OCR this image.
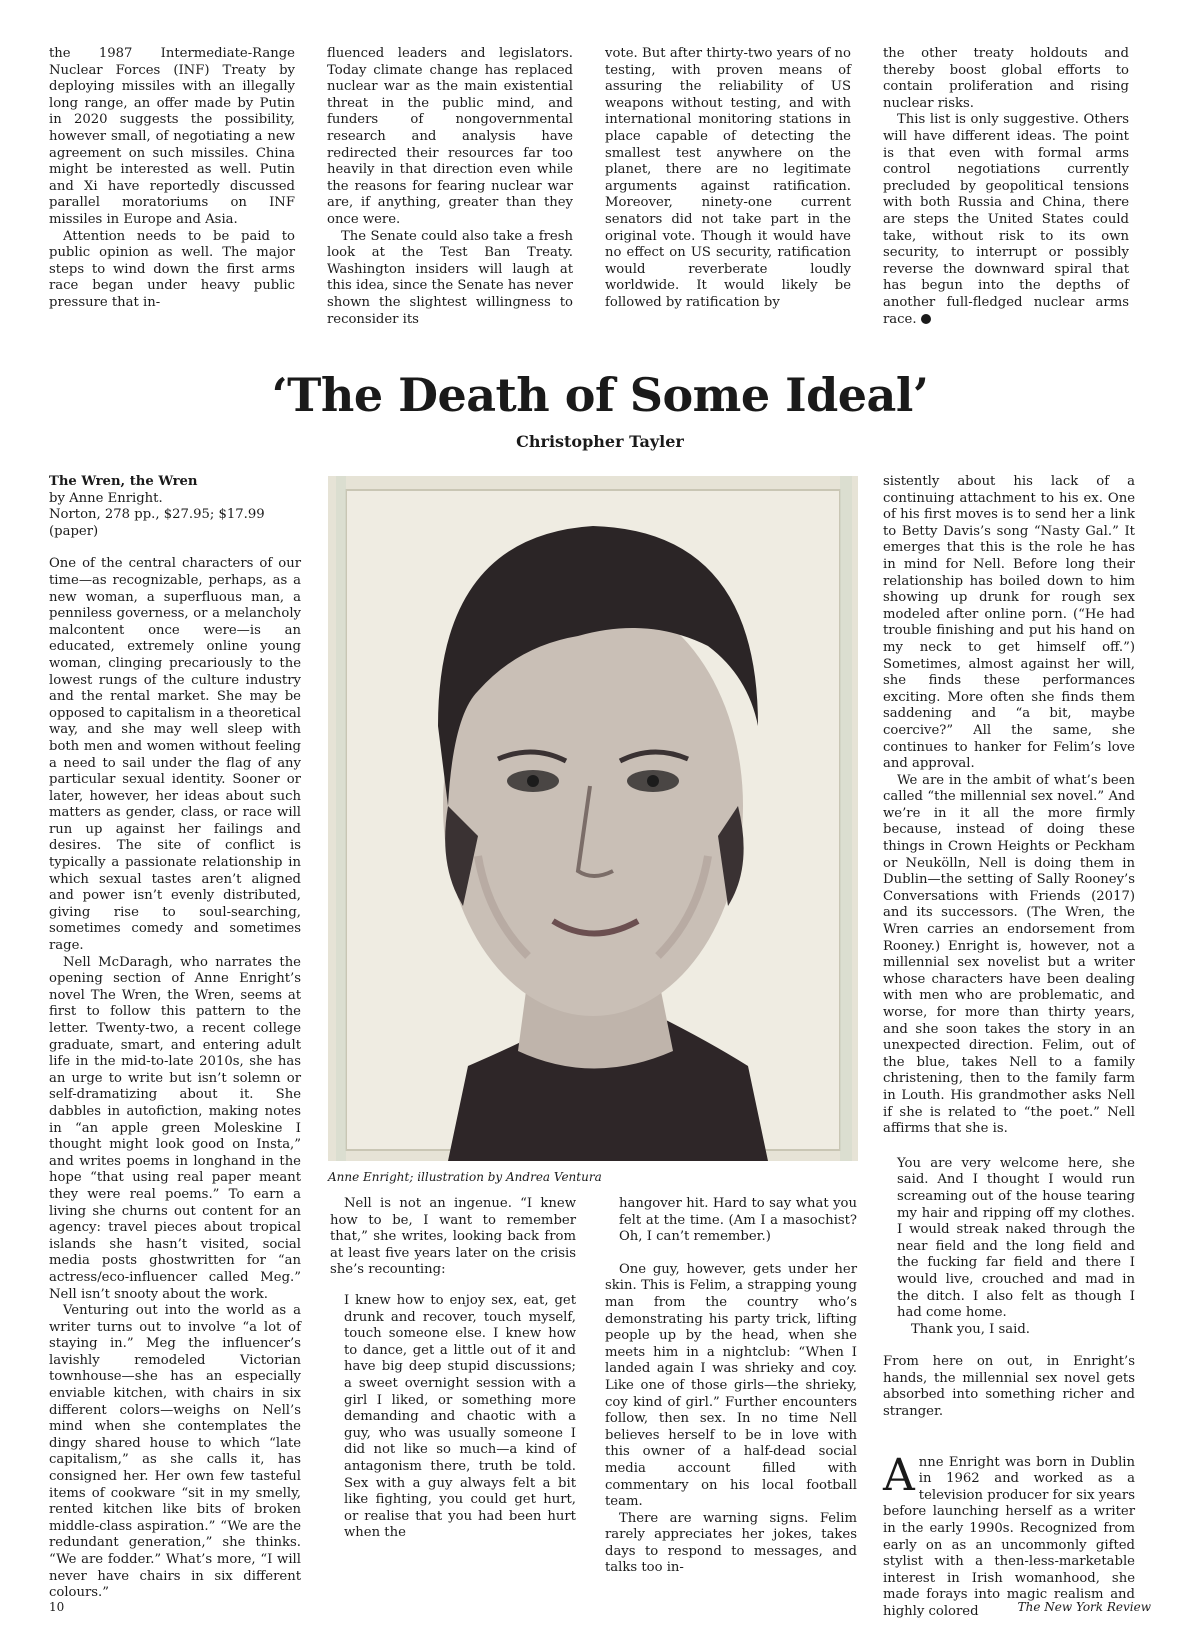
the 1987 Intermediate-Range Nuclear Forces (INF) Treaty by deploying missiles with an illegally long range, an offer made by Putin in 2020 suggests the possibility, however small, of negotiating a new agreement on such missiles. China might be interested as well. Putin and Xi have reportedly discussed parallel moratoriums on INF missiles in Europe and Asia.

Attention needs to be paid to public opinion as well. The major steps to wind down the first arms race began under heavy public pressure that in-

fluenced leaders and legislators. Today climate change has replaced nuclear war as the main existential threat in the public mind, and funders of nongovernmental research and analysis have redirected their resources far too heavily in that direction even while the reasons for fearing nuclear war are, if anything, greater than they once were.

The Senate could also take a fresh look at the Test Ban Treaty. Washington insiders will laugh at this idea, since the Senate has never shown the slightest willingness to reconsider its

vote. But after thirty-two years of no testing, with proven means of assuring the reliability of US weapons without testing, and with international monitoring stations in place capable of detecting the smallest test anywhere on the planet, there are no legitimate arguments against ratification. Moreover, ninety-one current senators did not take part in the original vote. Though it would have no effect on US security, ratification would reverberate loudly worldwide. It would likely be followed by ratification by

the other treaty holdouts and thereby boost global efforts to contain proliferation and rising nuclear risks.

This list is only suggestive. Others will have different ideas. The point is that even with formal arms control negotiations currently precluded by geopolitical tensions with both Russia and China, there are steps the United States could take, without risk to its own security, to interrupt or possibly reverse the downward spiral that has begun into the depths of another full-fledged nuclear arms race.

‘The Death of Some Ideal’
Christopher Tayler
The Wren, the Wren
by Anne Enright.
Norton, 278 pp., $27.95; $17.99 (paper)

One of the central characters of our time—as recognizable, perhaps, as a new woman, a superfluous man, a penniless governess, or a melancholy malcontent once were—is an educated, extremely online young woman, clinging precariously to the lowest rungs of the culture industry and the rental market. She may be opposed to capitalism in a theoretical way, and she may well sleep with both men and women without feeling a need to sail under the flag of any particular sexual identity. Sooner or later, however, her ideas about such matters as gender, class, or race will run up against her failings and desires. The site of conflict is typically a passionate relationship in which sexual tastes aren’t aligned and power isn’t evenly distributed, giving rise to soul-searching, sometimes comedy and sometimes rage.

Nell McDaragh, who narrates the opening section of Anne Enright’s novel The Wren, the Wren, seems at first to follow this pattern to the letter. Twenty-two, a recent college graduate, smart, and entering adult life in the mid-to-late 2010s, she has an urge to write but isn’t solemn or self-dramatizing about it. She dabbles in autofiction, making notes in “an apple green Moleskine I thought might look good on Insta,” and writes poems in longhand in the hope “that using real paper meant they were real poems.” To earn a living she churns out content for an agency: travel pieces about tropical islands she hasn’t visited, social media posts ghostwritten for “an actress/eco-influencer called Meg.” Nell isn’t snooty about the work.

Venturing out into the world as a writer turns out to involve “a lot of staying in.” Meg the influencer’s lavishly remodeled Victorian townhouse—she has an especially enviable kitchen, with chairs in six different colors—weighs on Nell’s mind when she contemplates the dingy shared house to which “late capitalism,” as she calls it, has consigned her. Her own few tasteful items of cookware “sit in my smelly, rented kitchen like bits of broken middle-class aspiration.” “We are the redundant generation,” she thinks. “We are fodder.” What’s more, “I will never have chairs in six different colours.”

Anne Enright; illustration by Andrea Ventura

Nell is not an ingenue. “I knew how to be, I want to remember that,” she writes, looking back from at least five years later on the crisis she’s recounting:

I knew how to enjoy sex, eat, get drunk and recover, touch myself, touch someone else. I knew how to dance, get a little out of it and have big deep stupid discussions; a sweet overnight session with a girl I liked, or something more demanding and chaotic with a guy, who was usually someone I did not like so much—a kind of antagonism there, truth be told. Sex with a guy always felt a bit like fighting, you could get hurt, or realise that you had been hurt when the

hangover hit. Hard to say what you felt at the time. (Am I a masochist? Oh, I can’t remember.)

One guy, however, gets under her skin. This is Felim, a strapping young man from the country who’s demonstrating his party trick, lifting people up by the head, when she meets him in a nightclub: “When I landed again I was shrieky and coy. Like one of those girls—the shrieky, coy kind of girl.” Further encounters follow, then sex. In no time Nell believes herself to be in love with this owner of a half-dead social media account filled with commentary on his local football team.

There are warning signs. Felim rarely appreciates her jokes, takes days to respond to messages, and talks too in-

sistently about his lack of a continuing attachment to his ex. One of his first moves is to send her a link to Betty Davis’s song “Nasty Gal.” It emerges that this is the role he has in mind for Nell. Before long their relationship has boiled down to him showing up drunk for rough sex modeled after online porn. (“He had trouble finishing and put his hand on my neck to get himself off.”) Sometimes, almost against her will, she finds these performances exciting. More often she finds them saddening and “a bit, maybe coercive?” All the same, she continues to hanker for Felim’s love and approval.

We are in the ambit of what’s been called “the millennial sex novel.” And we’re in it all the more firmly because, instead of doing these things in Crown Heights or Peckham or Neukölln, Nell is doing them in Dublin—the setting of Sally Rooney’s Conversations with Friends (2017) and its successors. (The Wren, the Wren carries an endorsement from Rooney.) Enright is, however, not a millennial sex novelist but a writer whose characters have been dealing with men who are problematic, and worse, for more than thirty years, and she soon takes the story in an unexpected direction. Felim, out of the blue, takes Nell to a family christening, then to the family farm in Louth. His grandmother asks Nell if she is related to “the poet.” Nell affirms that she is.

You are very welcome here, she said. And I thought I would run screaming out of the house tearing my hair and ripping off my clothes. I would streak naked through the near field and the long field and the fucking far field and there I would live, crouched and mad in the ditch. I also felt as though I had come home.

Thank you, I said.

From here on out, in Enright’s hands, the millennial sex novel gets absorbed into something richer and stranger.

Anne Enright was born in Dublin in 1962 and worked as a television producer for six years before launching herself as a writer in the early 1990s. Recognized from early on as an uncommonly gifted stylist with a then-less-marketable interest in Irish womanhood, she made forays into magic realism and highly colored

10	The New York Review
